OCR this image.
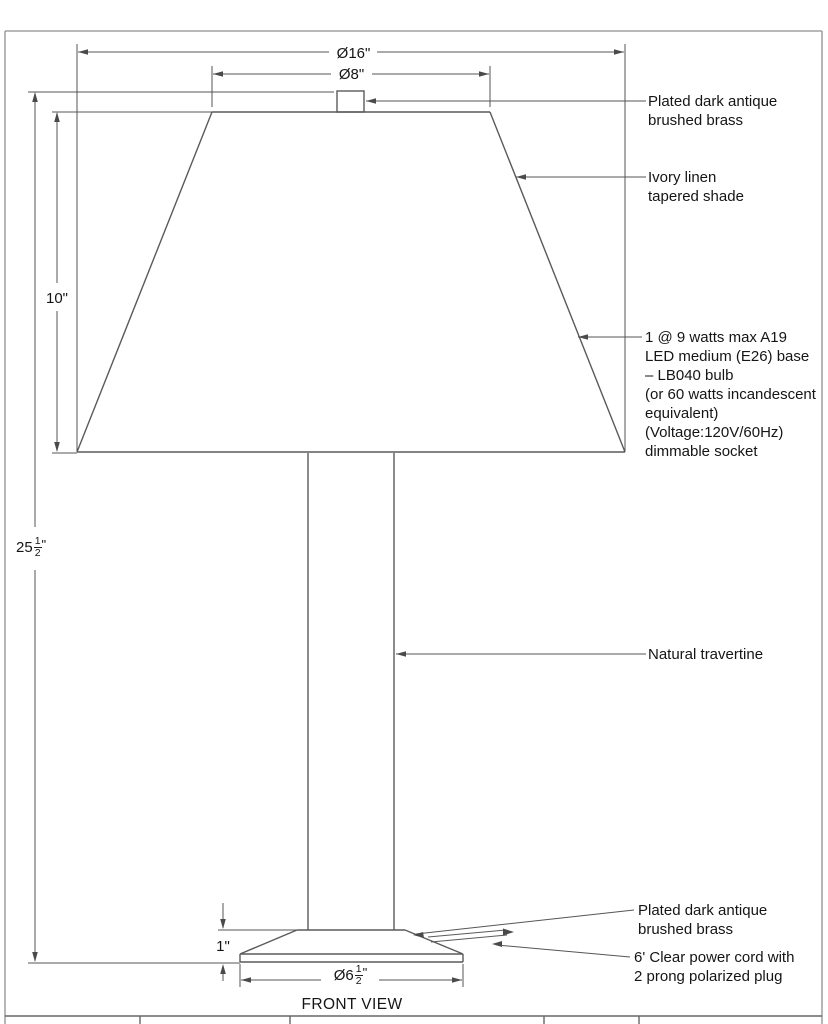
Ø16"
Ø8"
10"
$25 \frac{1}{2}$ "
1"
Ø6 $\frac{1}{2}$ "
FRONT VIEW
Plated dark antique
brushed brass
Ivory linen
tapered shade
1 @ 9 watts max A19
LED medium (E26) base
– LB040 bulb
(or 60 watts incandescent
equivalent)
(Voltage:120V/60Hz)
dimmable socket
Natural travertine
Plated dark antique
brushed brass
6' Clear power cord with
2 prong polarized plug
